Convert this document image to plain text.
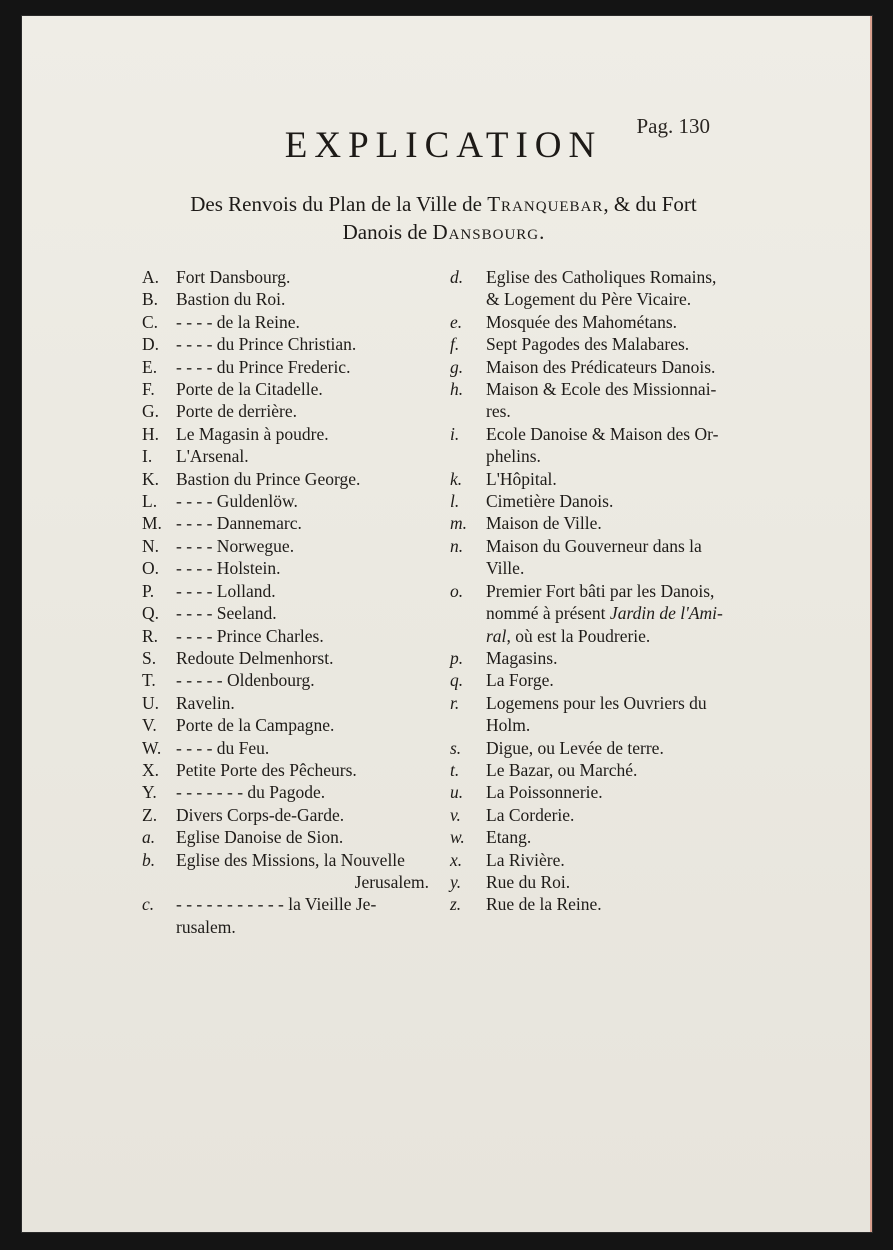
Pag. 130

EXPLICATION
Des Renvois du Plan de la Ville de Tranquebar, & du Fort
Danois de Dansbourg.
A. Fort Dansbourg.
B.	Bastion du Roi.
C.	- - - - de la Reine.
D. - - - - du Prince Christian.
E.	- - - - du Prince Frederic.
F.	Porte de la Citadelle.
G. Porte de derrière.
H. Le Magasin à poudre.
I.	L'Arsenal.
K. Bastion du Prince George.
L.	- - - - Guldenlöw.
M. - - - - Dannemarc.
N. - - - - Norwegue.
O. - - - - Holstein.
P.	- - - - Lolland.
Q. - - - - Seeland.
R.	- - - - Prince Charles.
S.	Redoute Delmenhorst.
T.	- - - - - Oldenbourg.
U. Ravelin.
V.	Porte de la Campagne.
W. - - - - du Feu.
X. Petite Porte des Pêcheurs.
Y.	- - - - - - - du Pagode.
Z.	Divers Corps-de-Garde.
a.	Eglise Danoise de Sion.
b.	Eglise des Missions, la Nouvelle
Jerusalem.
c.	- - - - - - - - - - - la Vieille Je-
rusalem.
d.	Eglise des Catholiques Romains,
& Logement du Père Vicaire.
e.	Mosquée des Mahométans.
f.	Sept Pagodes des Malabares.
g.	Maison des Prédicateurs Danois.
h.	Maison & Ecole des Missionnai-
res.
i.	Ecole Danoise & Maison des Or-
phelins.
k.	L'Hôpital.
l.	Cimetière Danois.
m.	Maison de Ville.
n.	Maison du Gouverneur dans la
Ville.
o.	Premier Fort bâti par les Danois,
nommé à présent Jardin de l'Ami-
ral, où est la Poudrerie.
p.	Magasins.
q.	La Forge.
r.	Logemens pour les Ouvriers du
Holm.
s.	Digue, ou Levée de terre.
t.	Le Bazar, ou Marché.
u.	La Poissonnerie.
v.	La Corderie.
w.	Etang.
x.	La Rivière.
y.	Rue du Roi.
z.	Rue de la Reine.
